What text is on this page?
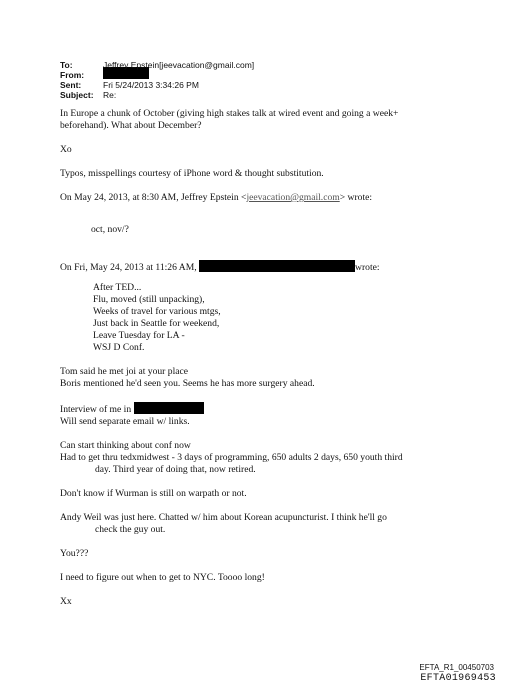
To:	Jeffrey Epstein[jeevacation@gmail.com]
From:
Sent:	Fri 5/24/2013 3:34:26 PM
Subject:	Re:

In Europe a chunk of October (giving high stakes talk at wired event and going a week+

beforehand). What about December?

Xo

Typos, misspellings courtesy of iPhone word & thought substitution.

On May 24, 2013, at 8:30 AM, Jeffrey Epstein <jeevacation@gmail.com> wrote:

oct, nov/?

On Fri, May 24, 2013 at 11:26 AM,	wrote:

After TED...

Flu, moved (still unpacking),

Weeks of travel for various mtgs,

Just back in Seattle for weekend,

Leave Tuesday for LA -

WSJ D Conf.

Tom said he met joi at your place

Boris mentioned he'd seen you. Seems he has more surgery ahead.

Interview of me in

Will send separate email w/ links.

Can start thinking about conf now

Had to get thru tedxmidwest - 3 days of programming, 650 adults 2 days, 650 youth third

day. Third year of doing that, now retired.

Don't know if Wurman is still on warpath or not.

Andy Weil was just here. Chatted w/ him about Korean acupuncturist. I think he'll go

check the guy out.

You???

I need to figure out when to get to NYC. Toooo long!

Xx

EFTA_R1_00450703
EFTA01969453
